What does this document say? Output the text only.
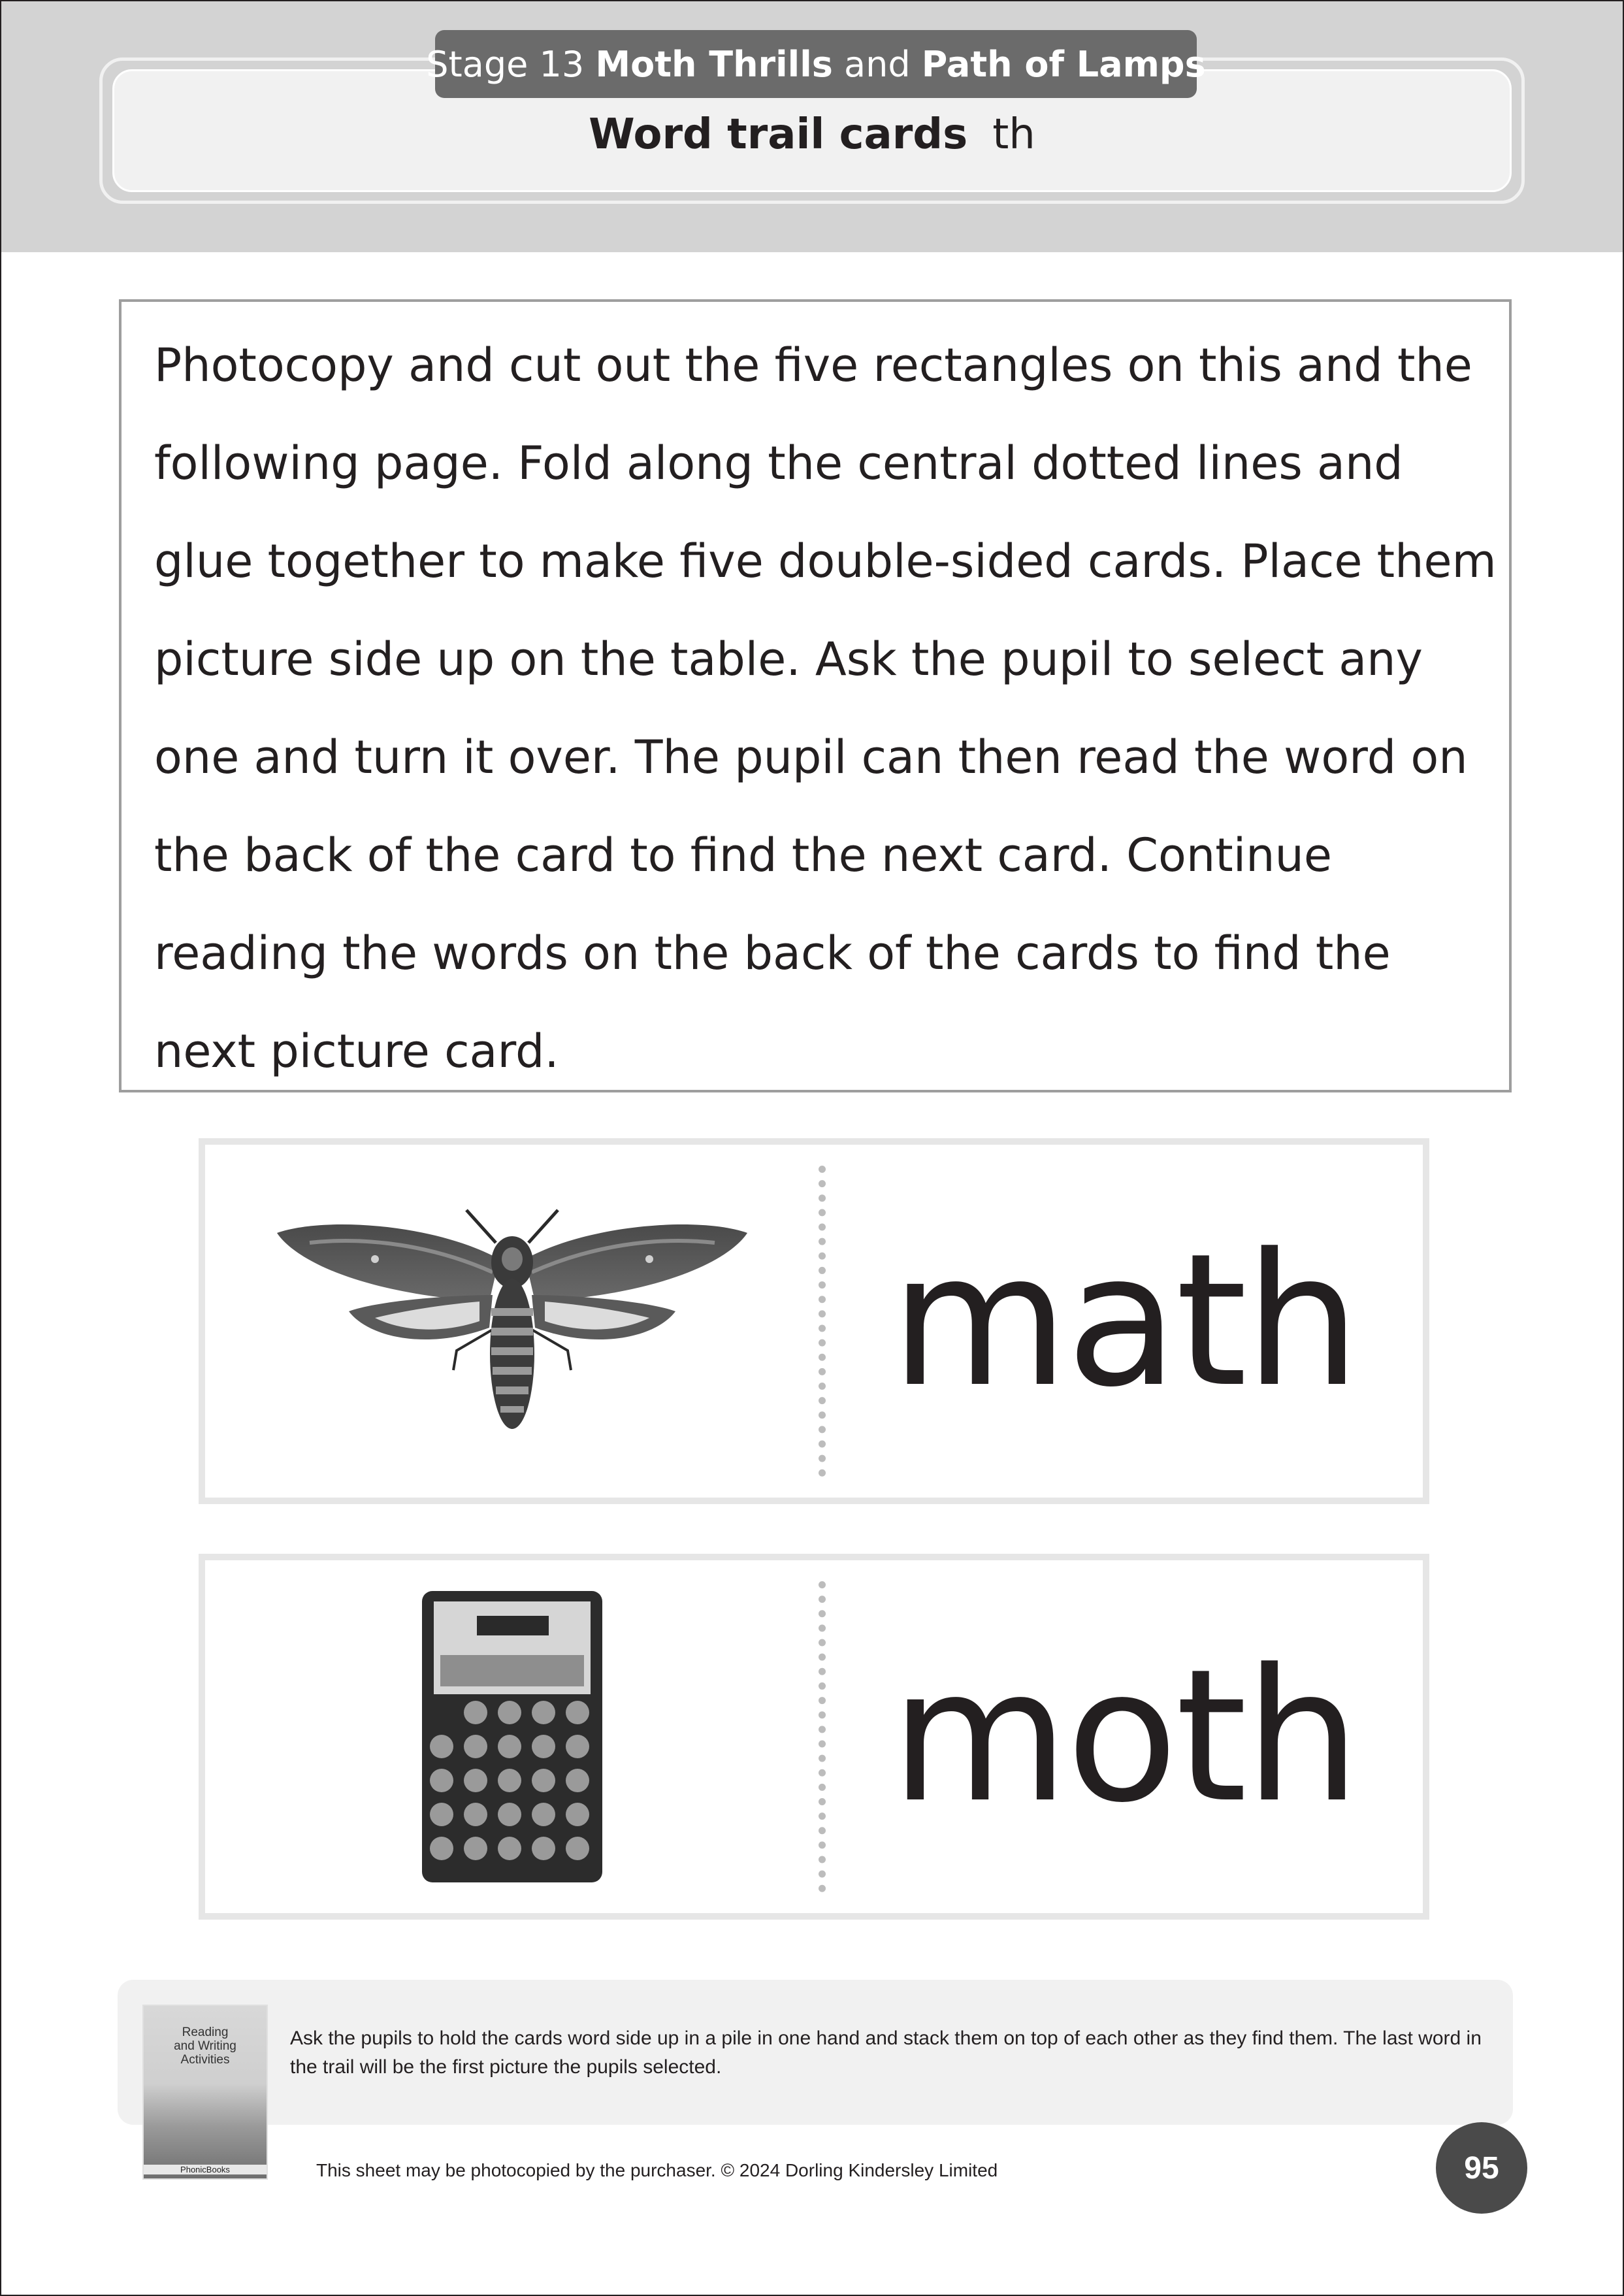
Stage 13
Moth Thrills
and
Path of Lamps
Word trail cards th
Photocopy and cut out the five rectangles on this and the
following page. Fold along the central dotted lines and
glue together to make five double-sided cards. Place them
picture side up on the table. Ask the pupil to select any
one and turn it over. The pupil can then read the word on
the back of the card to find the next card. Continue
reading the words on the back of the cards to find the
next picture card.
math
moth
Ask the pupils to hold the cards word side up in a pile in one hand and stack them on top of each other as they find them. The last word in the trail will be the first picture the pupils selected.
Reading
and Writing
Activities
PhonicBooks	This sheet may be photocopied by the purchaser. © 2024 Dorling Kindersley Limited	95
